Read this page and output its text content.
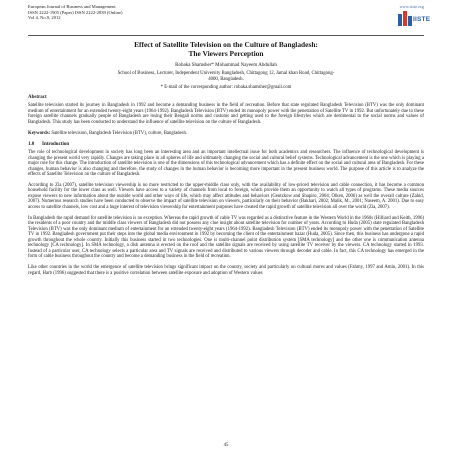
European Journal of Business and Management
ISSN 2222-1905 (Paper) ISSN 2222-2839 (Online)
Vol 4, No.9, 2012
www.iiste.org
IISTE
Effect of Satellite Television on the Culture of Bangladesh:
The Viewers Perception
Robaka Shamsher* Mohammad Nayeem Abdullah
School of Business, Lecturer, Independent University Bangladesh, Chittagong 12, Jamal khan Road, Chittagong-
4000, Bangladesh.
* E-mail of the corresponding author: robaka.shamsher@gmail.com
Abstract

Satellite television started its journey in Bangladesh in 1992 and become a demanding business in the field of recreation. Before that state regulated Bangladesh Television (BTV) was the only dominant medium of entertainment for an extended twenty-eight years (1964-1992). Bangladesh Television (BTV) ended its monopoly power with the penetration of Satellite TV in 1992. But unfortunately due to these foreign satellite channels gradually people of Bangladesh are losing their Bengali norms and customs and getting used to the foreign lifestyles which are detrimental to the social norms and values of Bangladesh. This study has been conducted to understand the influence of satellite television on the culture of Bangladesh.

Keywords: Satellite television, Bangladesh Television (BTV), culture, Bangladesh.
1.0 Introduction

The role of technological development in society has long been an interesting area and an important intellectual issue for both academics and researchers. The influence of technological development is changing the present world very rapidly. Changes are taking place in all spheres of life and ultimately changing the social and cultural belief systems. Technological advancement is the one which is playing a major role for this change. The introduction of satellite television is one of the dimensions of this technological advancement which has a definite effect on the social and cultural area of Bangladesh. For these changes, human behavior is also changing and therefore, the study of changes in the human behavior is becoming more important in the present business world. The purpose of this article is to analyze the effects of Satellite Television on the culture of Bangladesh.

According to Zia (2007), satellite television viewership is no more restricted to the upper-middle class only, with the availability of low-priced television and cable connection, it has become a common household facility for the lower class as well. Viewers have access to a variety of channels from local to foreign, which provide them an opportunity to watch all types of programs. These media sources expose viewers to new information about the outside world and other ways of life, which may affect attitudes and behaviors (Gentzkow and Shapiro, 2004; Olken, 2006) as well the overall culture (Zahid, 2007). Numerous research studies have been conducted to observe the impact of satellite television on viewers, particularly on their behavior (Bakhari, 2002; Malik, M., 2001; Naseem, A. 2001). Due to easy access to satellite channels, low cost and a huge interest of television viewership for entertainment purposes have created the rapid growth of satellite television all over the world (Zia, 2007).

In Bangladesh the rapid demand for satellite television is no exception. Whereas the rapid growth of cable TV was regarded as a distinctive feature in the Western World in the 1960s (Hilliard and Keith, 1996) the residents of a poor country and the middle class viewers of Bangladesh did not possess any clue insight about satellite television for number of years. According to Huda (2005) state regulated Bangladesh Television (BTV) was the only dominant medium of entertainment for an extended twenty-eight years (1964-1992). Bangladesh Television (BTV) ended its monopoly power with the penetration of Satellite TV in 1992. Bangladesh government put their steps into the global media environment in 1992 by becoming the client of the entertainment bazar (Huda, 2005). Since then, this business has undergone a rapid growth throughout the whole country. Initially this business started in two technologies. One is multi-channel point distribution system [SMA technology] and the other one is communication antenna technology [CA technology]. In SMA technology, a dish antenna is erected on the roof and the satellite signals are received by using satellite TV receiver by the viewers. CA technology started in 1993. Instead of a particular user, CA technology selects a particular area and TV signals are received and distributed to various viewers through decoder and cable. In fact, this CA technology has emerged in the form of cable business throughout the country and become a demanding business in the field of recreation.

Like other countries in the world the emergence of satellite television brings significant impact on the country, society and particularly on cultural mores and values (Fahmy, 1997 and Amin, 2001). In this regard, Harb (1996) suggested that there is a positive correlation between satellite exposure and adoption of Western values

45
